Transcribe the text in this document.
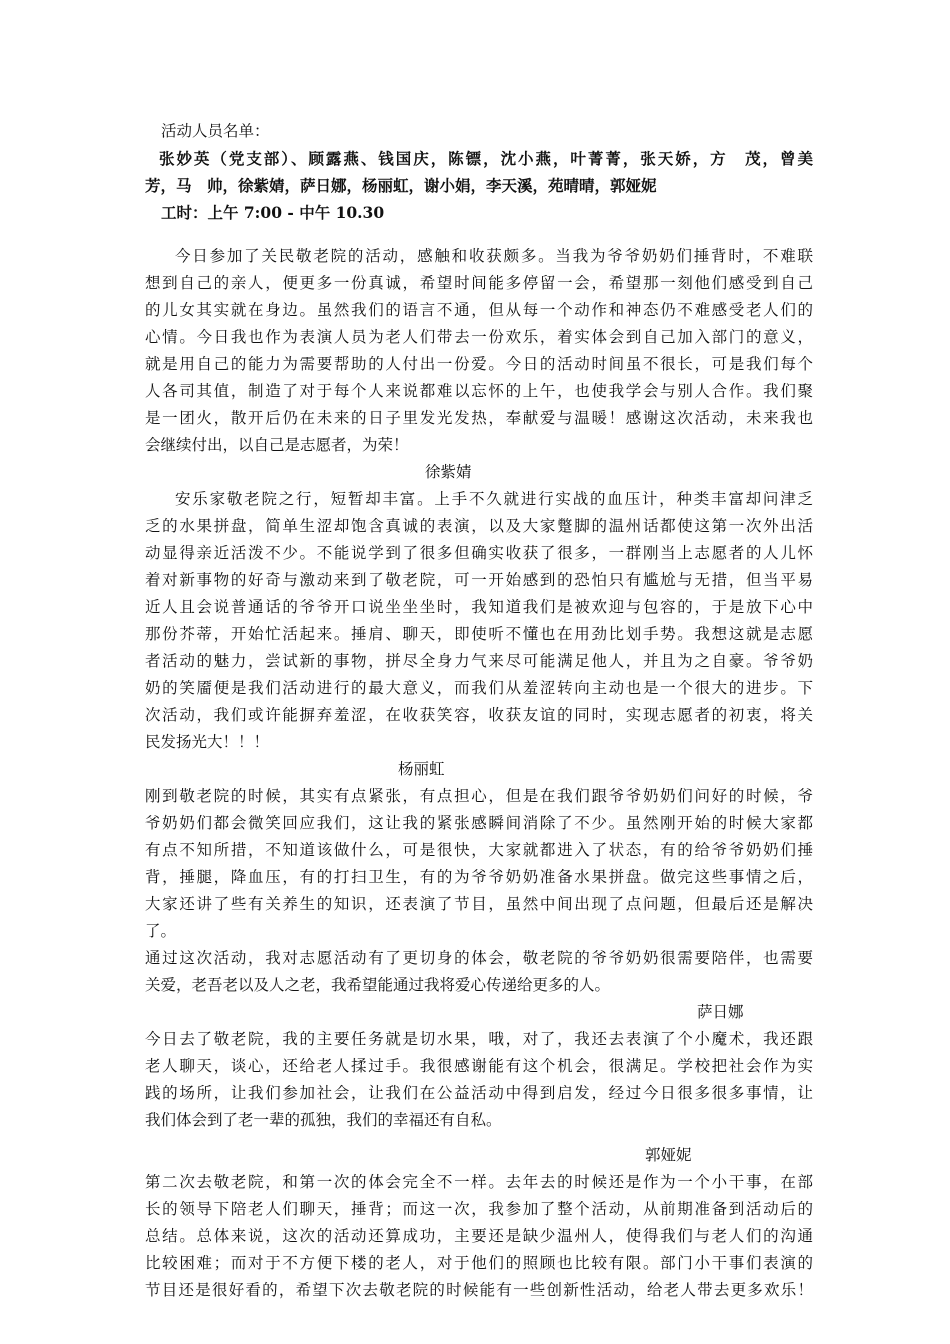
活动人员名单：
张妙英（党支部）、顾露燕、钱国庆，陈镖，沈小燕，叶菁菁，张天娇，方　茂，曾美
芳，马　帅，徐紫婧，萨日娜，杨丽虹，谢小娟，李天溪，苑晴晴，郭娅妮
工时：上午 7:00 - 中午 10.30
今日参加了关民敬老院的活动，感触和收获颇多。当我为爷爷奶奶们捶背时，不难联
想到自己的亲人，便更多一份真诚，希望时间能多停留一会，希望那一刻他们感受到自己
的儿女其实就在身边。虽然我们的语言不通，但从每一个动作和神态仍不难感受老人们的
心情。今日我也作为表演人员为老人们带去一份欢乐，着实体会到自己加入部门的意义，
就是用自己的能力为需要帮助的人付出一份爱。今日的活动时间虽不很长，可是我们每个
人各司其值，制造了对于每个人来说都难以忘怀的上午，也使我学会与别人合作。我们聚
是一团火，散开后仍在未来的日子里发光发热，奉献爱与温暖！感谢这次活动，未来我也
会继续付出，以自己是志愿者，为荣！
徐紫婧
安乐家敬老院之行，短暂却丰富。上手不久就进行实战的血压计，种类丰富却问津乏
乏的水果拼盘，简单生涩却饱含真诚的表演，以及大家蹩脚的温州话都使这第一次外出活
动显得亲近活泼不少。不能说学到了很多但确实收获了很多，一群刚当上志愿者的人儿怀
着对新事物的好奇与激动来到了敬老院，可一开始感到的恐怕只有尴尬与无措，但当平易
近人且会说普通话的爷爷开口说坐坐坐时，我知道我们是被欢迎与包容的，于是放下心中
那份芥蒂，开始忙活起来。捶肩、聊天，即使听不懂也在用劲比划手势。我想这就是志愿
者活动的魅力，尝试新的事物，拼尽全身力气来尽可能满足他人，并且为之自豪。爷爷奶
奶的笑靥便是我们活动进行的最大意义，而我们从羞涩转向主动也是一个很大的进步。下
次活动，我们或许能摒弃羞涩，在收获笑容，收获友谊的同时，实现志愿者的初衷，将关
民发扬光大！！！
杨丽虹
刚到敬老院的时候，其实有点紧张，有点担心，但是在我们跟爷爷奶奶们问好的时候，爷
爷奶奶们都会微笑回应我们，这让我的紧张感瞬间消除了不少。虽然刚开始的时候大家都
有点不知所措，不知道该做什么，可是很快，大家就都进入了状态，有的给爷爷奶奶们捶
背，捶腿，降血压，有的打扫卫生，有的为爷爷奶奶准备水果拼盘。做完这些事情之后，
大家还讲了些有关养生的知识，还表演了节目，虽然中间出现了点问题，但最后还是解决
了。
通过这次活动，我对志愿活动有了更切身的体会，敬老院的爷爷奶奶很需要陪伴，也需要
关爱，老吾老以及人之老，我希望能通过我将爱心传递给更多的人。
萨日娜
今日去了敬老院，我的主要任务就是切水果，哦，对了，我还去表演了个小魔术，我还跟
老人聊天，谈心，还给老人揉过手。我很感谢能有这个机会，很满足。学校把社会作为实
践的场所，让我们参加社会，让我们在公益活动中得到启发，经过今日很多很多事情，让
我们体会到了老一辈的孤独，我们的幸福还有自私。
郭娅妮
第二次去敬老院，和第一次的体会完全不一样。去年去的时候还是作为一个小干事，在部
长的领导下陪老人们聊天，捶背；而这一次，我参加了整个活动，从前期准备到活动后的
总结。总体来说，这次的活动还算成功，主要还是缺少温州人，使得我们与老人们的沟通
比较困难；而对于不方便下楼的老人，对于他们的照顾也比较有限。部门小干事们表演的
节目还是很好看的，希望下次去敬老院的时候能有一些创新性活动，给老人带去更多欢乐！
